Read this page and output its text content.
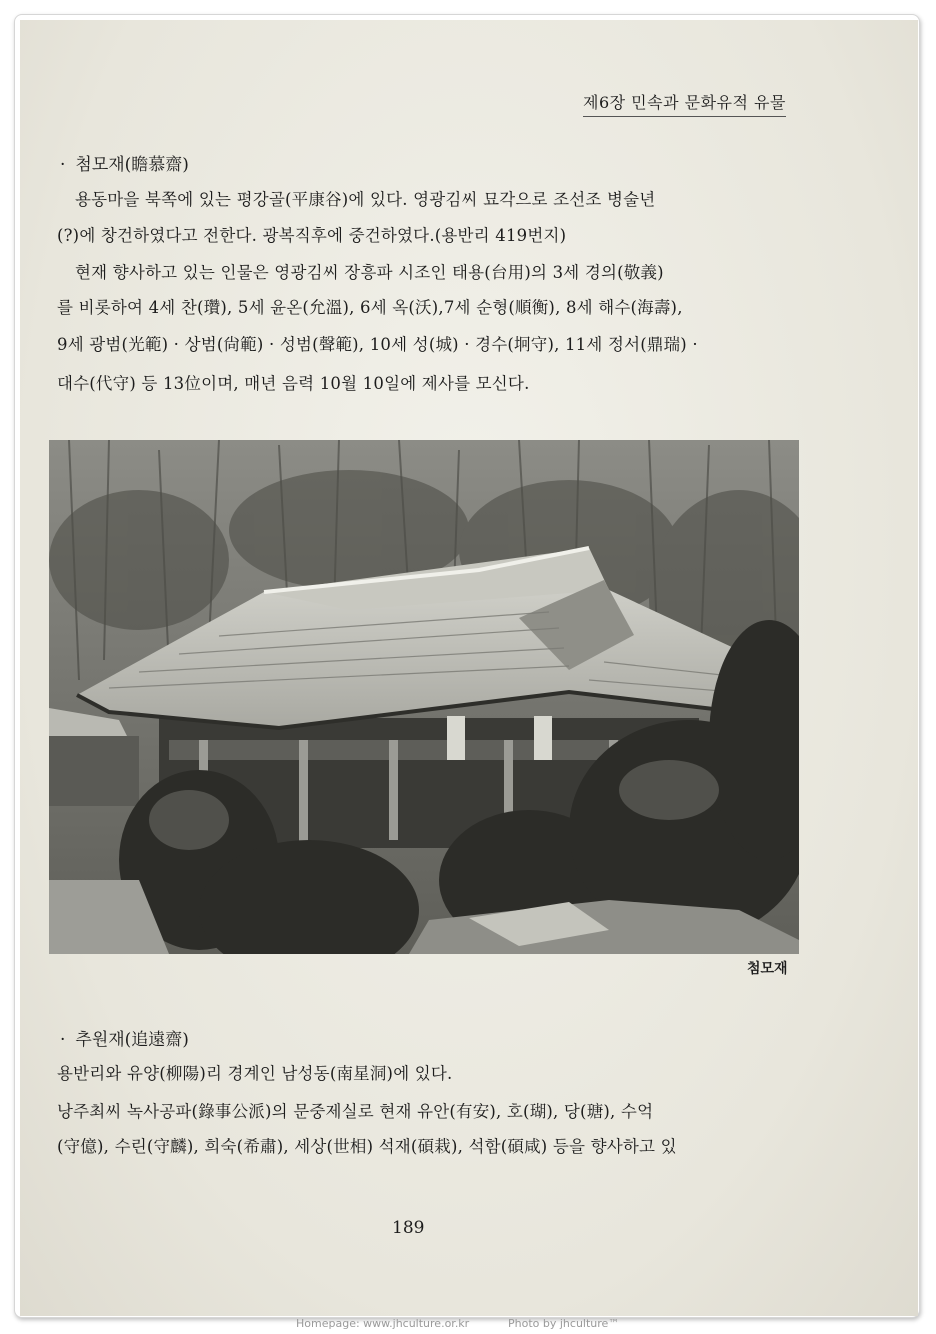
제6장 민속과 문화유적 유물
· 첨모재(瞻慕齋)
용동마을 북쪽에 있는 평강골(平康谷)에 있다. 영광김씨 묘각으로 조선조 병술년
(?)에 창건하였다고 전한다. 광복직후에 중건하였다.(용반리 419번지)
현재 향사하고 있는 인물은 영광김씨 장흥파 시조인 태용(台用)의 3세 경의(敬義)
를 비롯하여 4세 찬(瓚), 5세 윤온(允溫), 6세 옥(沃),7세 순형(順衡), 8세 해수(海壽),
9세 광범(光範) · 상범(尙範) · 성범(聲範), 10세 성(城) · 경수(坰守), 11세 정서(鼎瑞) ·
대수(代守) 등 13位이며, 매년 음력 10월 10일에 제사를 모신다.
첨모재
· 추원재(追遠齋)
용반리와 유양(柳陽)리 경계인 남성동(南星洞)에 있다.
낭주최씨 녹사공파(錄事公派)의 문중제실로 현재 유안(有安), 호(瑚), 당(瑭), 수억
(守億), 수린(守麟), 희숙(希肅), 세상(世相) 석재(碩栽), 석함(碩咸) 등을 향사하고 있
189
Homepage: www.jhculture.or.kr	Photo by jhculture™
